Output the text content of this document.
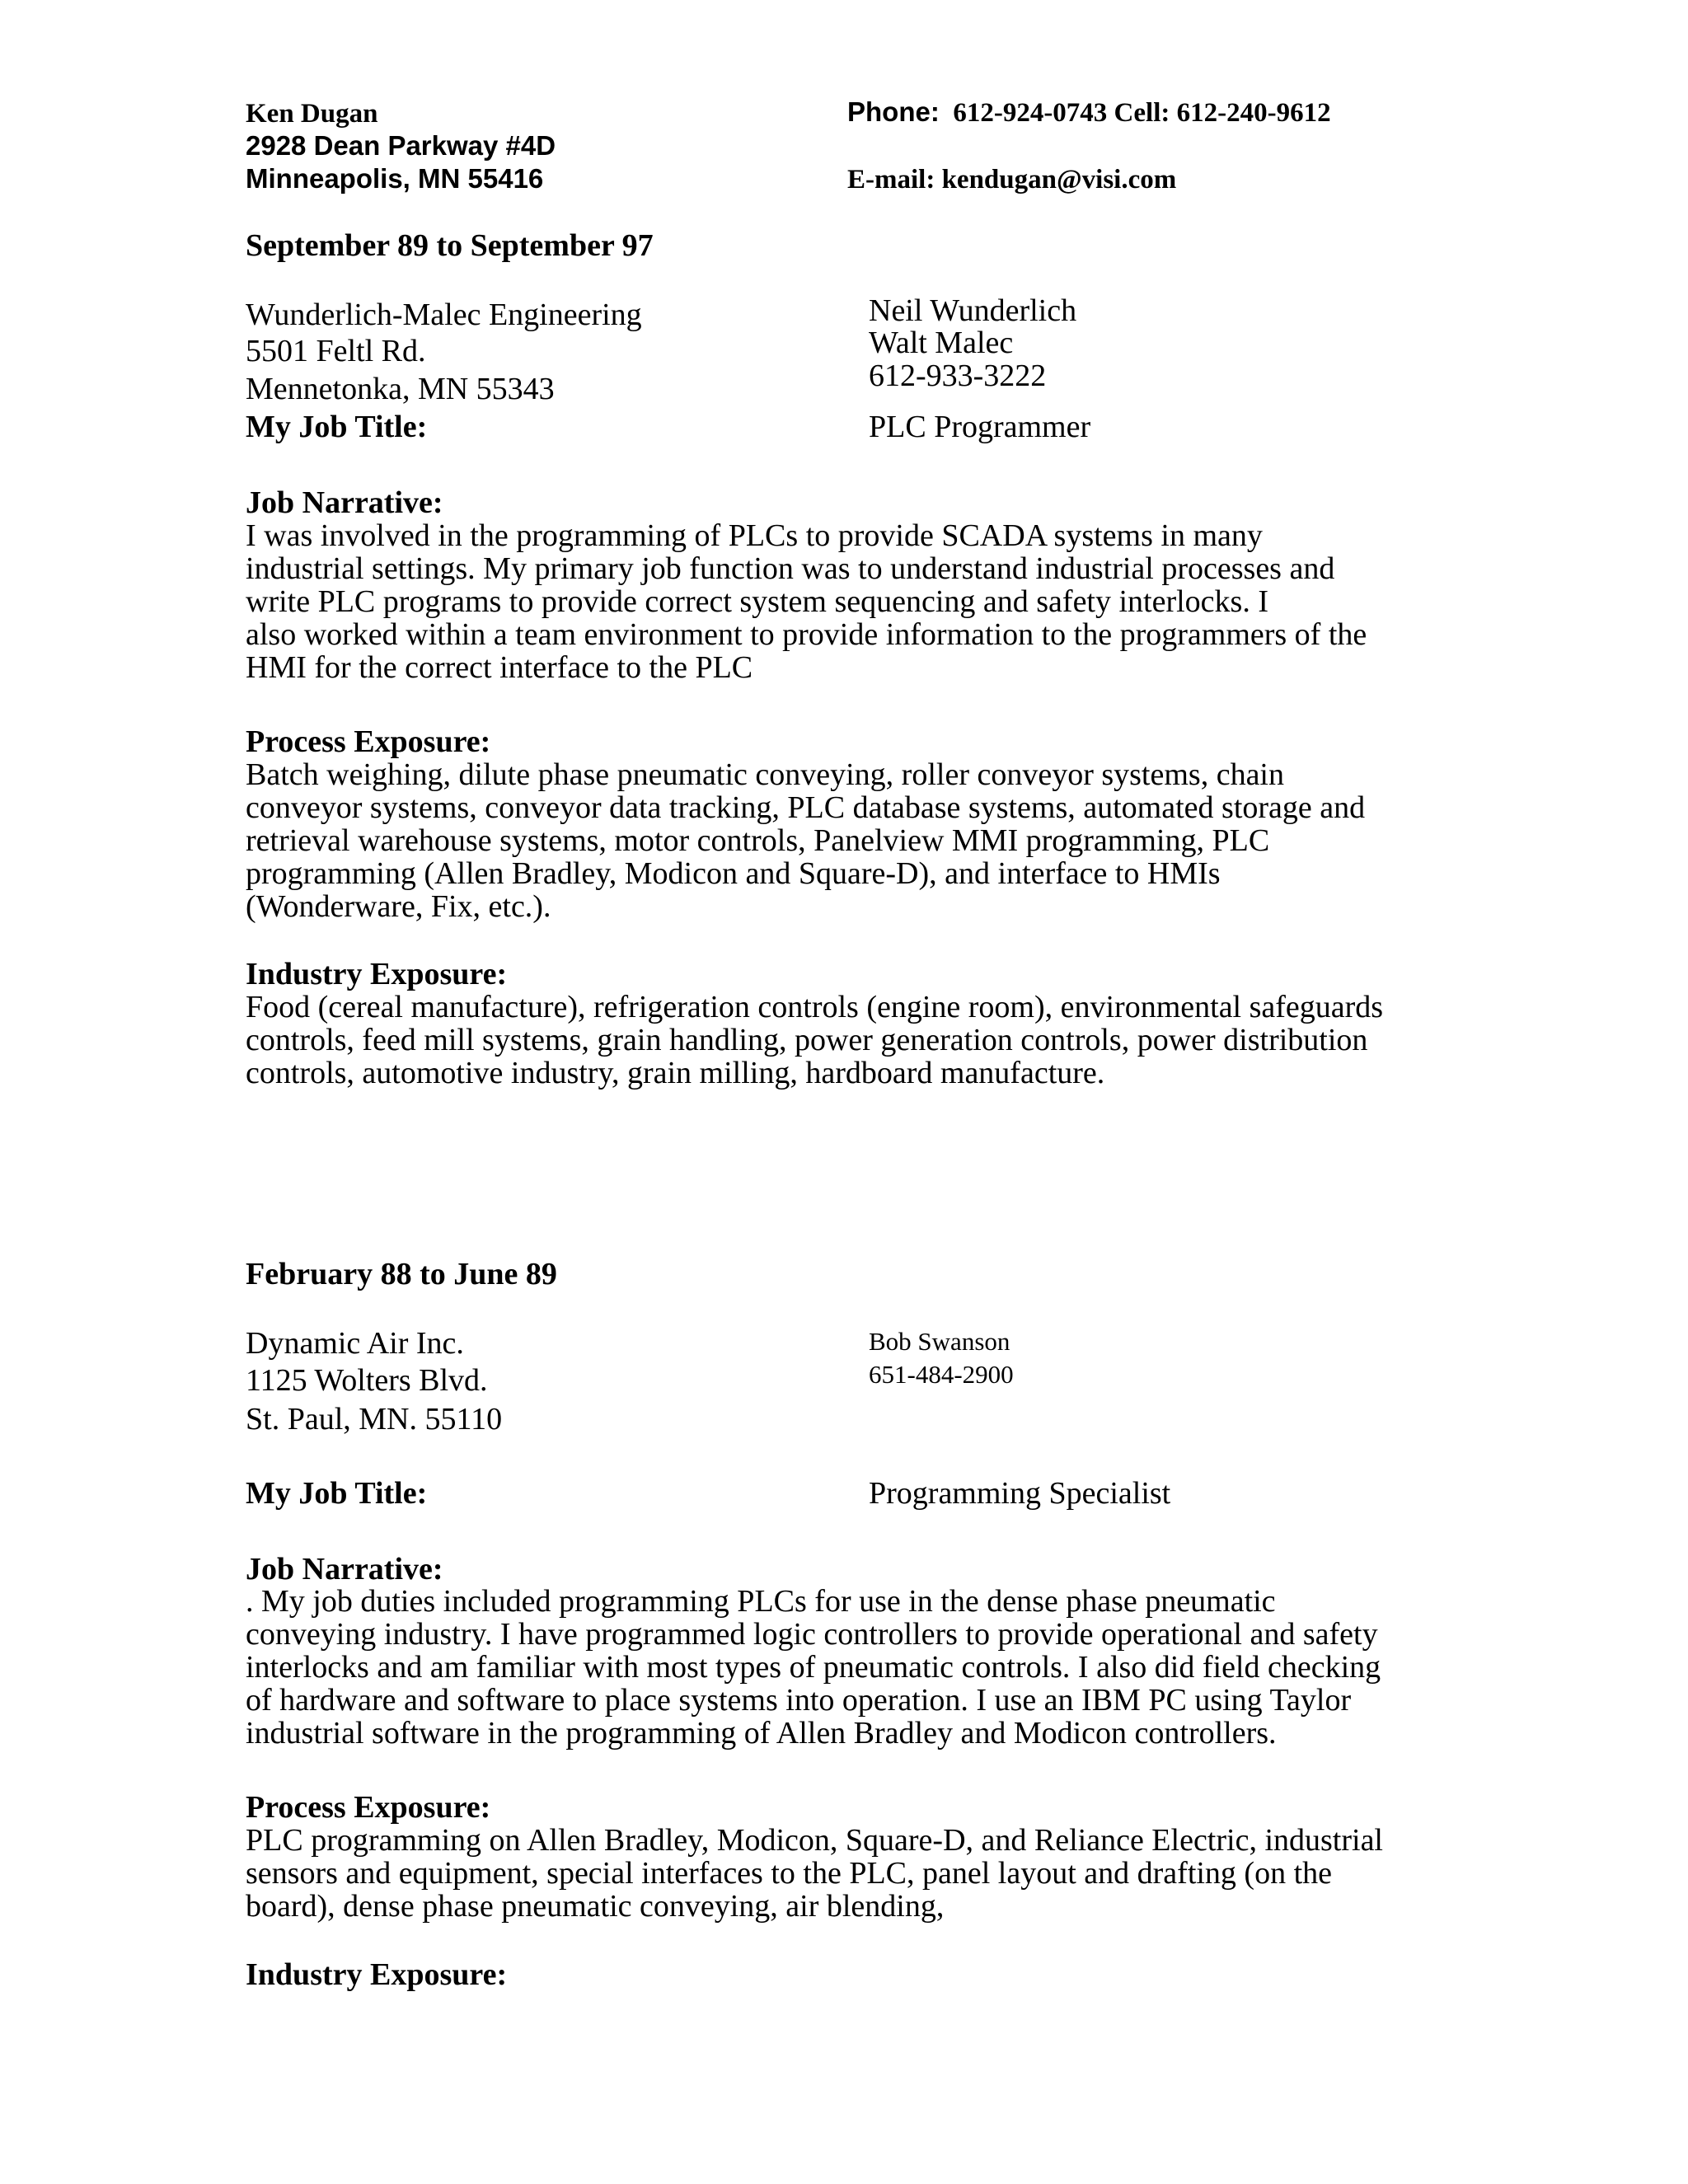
Ken Dugan
2928 Dean Parkway #4D
Minneapolis, MN 55416
Phone: 612-924-0743 Cell: 612-240-9612
E-mail: kendugan@visi.com
September 89 to September 97
Wunderlich-Malec Engineering
5501 Feltl Rd.
Mennetonka, MN 55343
Neil Wunderlich
Walt Malec
612-933-3222
My Job Title:	PLC Programmer
Job Narrative:
I was involved in the programming of PLCs to provide SCADA systems in many
industrial settings. My primary job function was to understand industrial processes and
write PLC programs to provide correct system sequencing and safety interlocks. I
also worked within a team environment to provide information to the programmers of the
HMI for the correct interface to the PLC
Process Exposure:
Batch weighing, dilute phase pneumatic conveying, roller conveyor systems, chain
conveyor systems, conveyor data tracking, PLC database systems, automated storage and
retrieval warehouse systems, motor controls, Panelview MMI programming, PLC
programming (Allen Bradley, Modicon and Square-D), and interface to HMIs
(Wonderware, Fix, etc.).
Industry Exposure:
Food (cereal manufacture), refrigeration controls (engine room), environmental safeguards
controls, feed mill systems, grain handling, power generation controls, power distribution
controls, automotive industry, grain milling, hardboard manufacture.
February 88 to June 89
Dynamic Air Inc.
1125 Wolters Blvd.
St. Paul, MN. 55110
Bob Swanson
651-484-2900
My Job Title:	Programming Specialist
Job Narrative:
. My job duties included programming PLCs for use in the dense phase pneumatic
conveying industry. I have programmed logic controllers to provide operational and safety
interlocks and am familiar with most types of pneumatic controls. I also did field checking
of hardware and software to place systems into operation. I use an IBM PC using Taylor
industrial software in the programming of Allen Bradley and Modicon controllers.
Process Exposure:
PLC programming on Allen Bradley, Modicon, Square-D, and Reliance Electric, industrial
sensors and equipment, special interfaces to the PLC, panel layout and drafting (on the
board), dense phase pneumatic conveying, air blending,
Industry Exposure:
